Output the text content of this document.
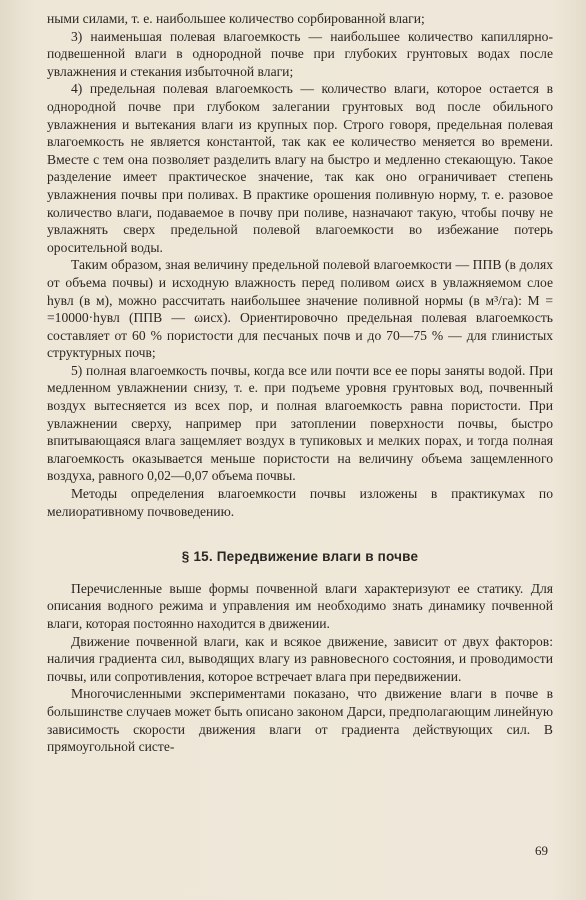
ными силами, т. е. наибольшее количество сорбированной влаги;

3) наименьшая полевая влагоемкость — наибольшее количество капиллярно-подвешенной влаги в однородной почве при глубоких грунтовых водах после увлажнения и стекания избыточной влаги;

4) предельная полевая влагоемкость — количество влаги, которое остается в однородной почве при глубоком залегании грунтовых вод после обильного увлажнения и вытекания влаги из крупных пор. Строго говоря, предельная полевая влагоемкость не является константой, так как ее количество меняется во времени. Вместе с тем она позволяет разделить влагу на быстро и медленно стекающую. Такое разделение имеет практическое значение, так как оно ограничивает степень увлажнения почвы при поливах. В практике орошения поливную норму, т. е. разовое количество влаги, подаваемое в почву при поливе, назначают такую, чтобы почву не увлажнять сверх предельной полевой влагоемкости во избежание потерь оросительной воды.

Таким образом, зная величину предельной полевой влагоемкости — ППВ (в долях от объема почвы) и исходную влажность перед поливом ωисх в увлажняемом слое hувл (в м), можно рассчитать наибольшее значение поливной нормы (в м³/га): M = =10000·hувл (ППВ — ωисх). Ориентировочно предельная полевая влагоемкость составляет от 60 % пористости для песчаных почв и до 70—75 % — для глинистых структурных почв;

5) полная влагоемкость почвы, когда все или почти все ее поры заняты водой. При медленном увлажнении снизу, т. е. при подъеме уровня грунтовых вод, почвенный воздух вытесняется из всех пор, и полная влагоемкость равна пористости. При увлажнении сверху, например при затоплении поверхности почвы, быстро впитывающаяся влага защемляет воздух в тупиковых и мелких порах, и тогда полная влагоемкость оказывается меньше пористости на величину объема защемленного воздуха, равного 0,02—0,07 объема почвы.

Методы определения влагоемкости почвы изложены в практикумах по мелиоративному почвоведению.

§ 15. Передвижение влаги в почве

Перечисленные выше формы почвенной влаги характеризуют ее статику. Для описания водного режима и управления им необходимо знать динамику почвенной влаги, которая постоянно находится в движении.

Движение почвенной влаги, как и всякое движение, зависит от двух факторов: наличия градиента сил, выводящих влагу из равновесного состояния, и проводимости почвы, или сопротивления, которое встречает влага при передвижении.

Многочисленными экспериментами показано, что движение влаги в почве в большинстве случаев может быть описано законом Дарси, предполагающим линейную зависимость скорости движения влаги от градиента действующих сил. В прямоугольной систе-

69
